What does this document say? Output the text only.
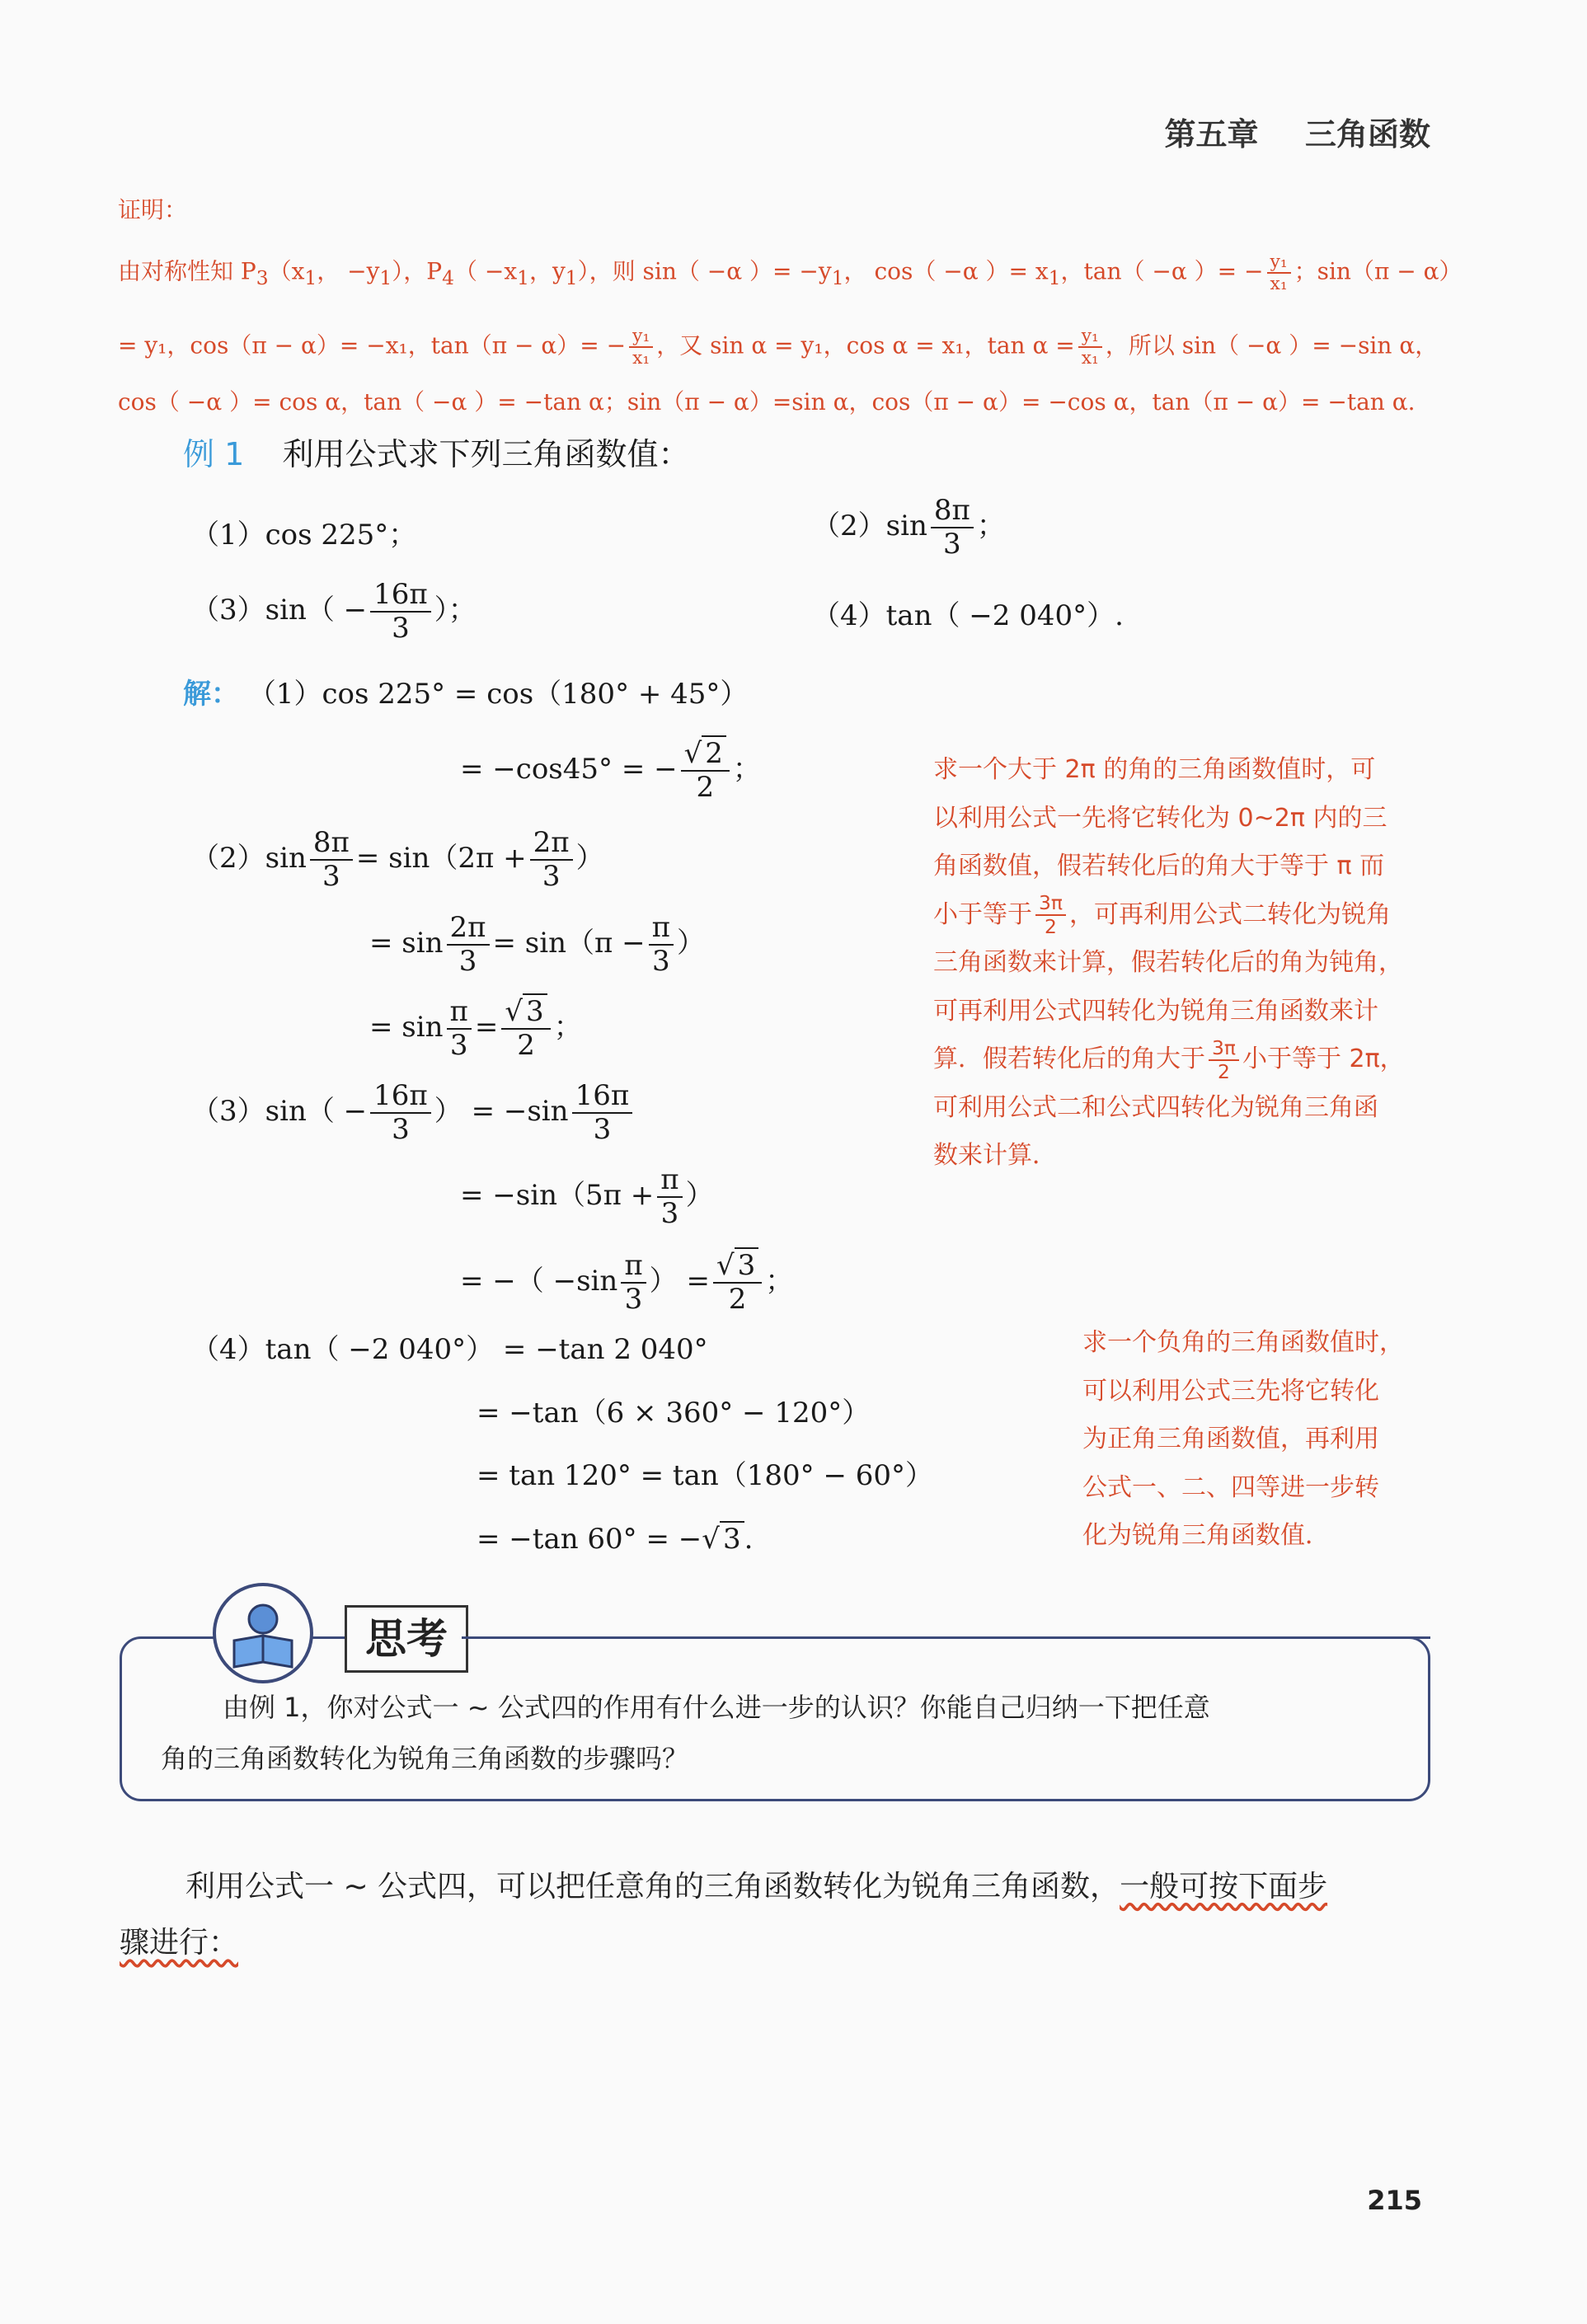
第五章 三角函数
证明：
由对称性知 $P_3(x_1$， $-y_1$），$P_4( -x_1$，$y_1$），则 sin（ −α ）= $-y_1$， cos（ −α ）= $x_1$，tan（ −α ）= − $\frac{\text{y₁}}{\text{x₁}}$ ；sin（π − α）
= y₁，cos（π − α）= −x₁，$\tan(\pi - \alpha)= - \frac{\text{y₁}}{\text{x₁}}$ ，又 sin α = y₁，cos α = x₁，$\tan \alpha = \frac{\text{y₁}}{\text{x₁}}$ ，所以 sin（ −α ）= −sin α，
cos（ −α ）= cos α，tan（ −α ）= −tan α；sin（π − α）=sin α，cos（π − α）= −cos α，tan（π − α）= −tan α.
例 1 利用公式求下列三角函数值：
（1）cos 225°；	$(2)\sin \frac{8\pi}{3}$ ；
$(3)\sin( - \frac{16\pi}{3}$ ）；	（4）tan（ −2 040°）.
解： （1）cos 225° = cos（180° + 45°）
= −cos45° = − $\frac{√ 2}{2}$ ；
$(2)\sin \frac{8\pi}{3} = \sin(2\pi + \frac{2\pi}{3}$ ）
= $\sin \frac{2\pi}{3} = \sin(\pi - \frac{\pi}{3}$ ）
= $\sin \frac{\pi}{3} = \frac{√ 3}{2}$ ；
$(3)\sin( - \frac{16\pi}{3}$ ） = $-\sin \frac{16\pi}{3}$
= $-\sin(5\pi + \frac{\pi}{3}$ ）
= −（ $-\sin \frac{\pi}{3}$ ） = $\frac{√ 3}{2}$ ；
（4）tan（ −2 040°） = −tan 2 040°
= −tan（6 × 360° − 120°）
= tan 120° = tan（180° − 60°）
= −tan 60° = −√ 3 .
求一个大于 2π 的角的三角函数值时，可
以利用公式一先将它转化为 0~2π 内的三
角函数值，假若转化后的角大于等于 π 而
小于等于 $\frac{3\pi}{2}$ ，可再利用公式二转化为锐角
三角函数来计算，假若转化后的角为钝角，
可再利用公式四转化为锐角三角函数来计
算．假若转化后的角大于 $\frac{3\pi}{2}$ 小于等于 2π，
可利用公式二和公式四转化为锐角三角函
数来计算．
求一个负角的三角函数值时，
可以利用公式三先将它转化
为正角三角函数值，再利用
公式一、二、四等进一步转
化为锐角三角函数值．
思考
由例 1，你对公式一 ~ 公式四的作用有什么进一步的认识？你能自己归纳一下把任意
角的三角函数转化为锐角三角函数的步骤吗？
利用公式一 ~ 公式四，可以把任意角的三角函数转化为锐角三角函数，一般可按下面步
骤进行：
215
